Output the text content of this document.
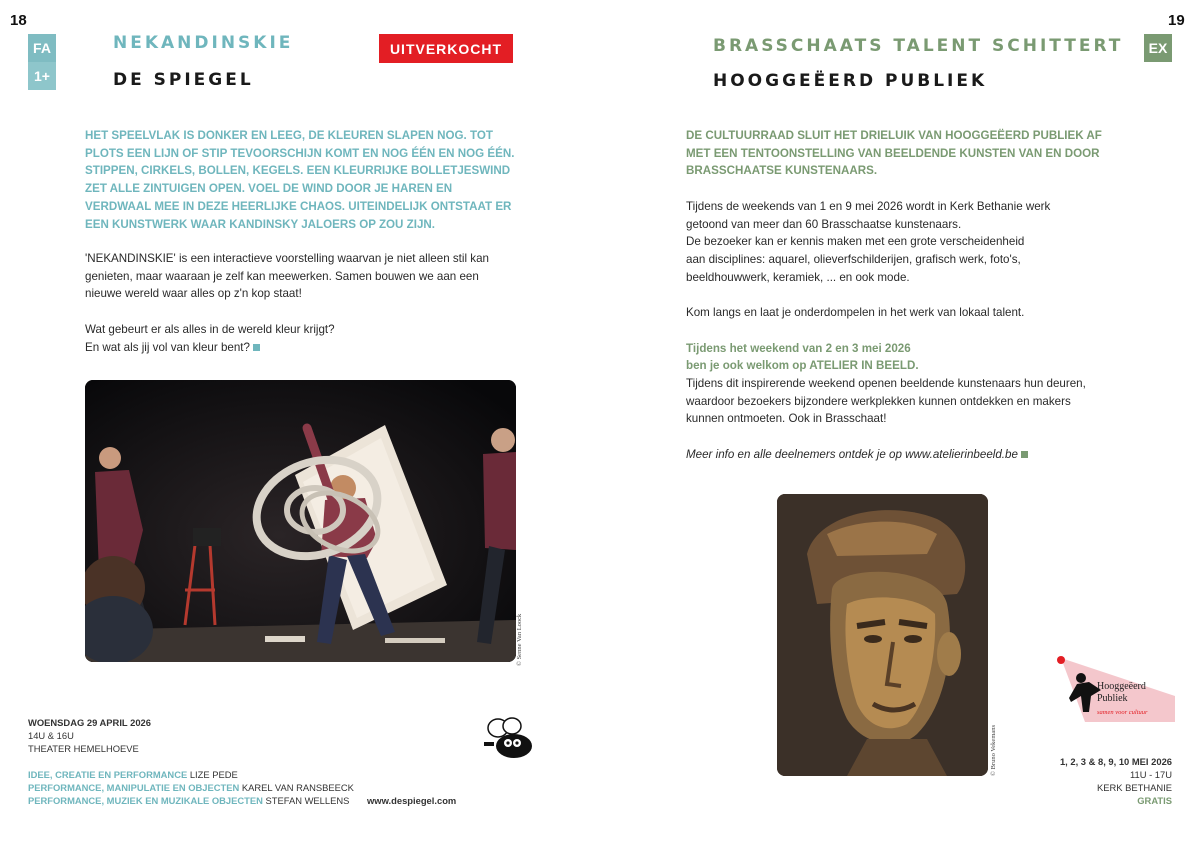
18
FA
1+
NEKANDINSKIE
DE SPIEGEL
UITVERKOCHT
HET SPEELVLAK IS DONKER EN LEEG, DE KLEUREN SLAPEN NOG. TOT PLOTS EEN LIJN OF STIP TEVOORSCHIJN KOMT EN NOG ÉÉN EN NOG ÉÉN. STIPPEN, CIRKELS, BOLLEN, KEGELS. EEN KLEURRIJKE BOLLETJESWIND ZET ALLE ZINTUIGEN OPEN. VOEL DE WIND DOOR JE HAREN EN VERDWAAL MEE IN DEZE HEERLIJKE CHAOS. UITEINDELIJK ONTSTAAT ER EEN KUNSTWERK WAAR KANDINSKY JALOERS OP ZOU ZIJN.

'NEKANDINSKIE' is een interactieve voorstelling waarvan je niet alleen stil kan genieten, maar waaraan je zelf kan meewerken. Samen bouwen we aan een nieuwe wereld waar alles op z'n kop staat!

Wat gebeurt er als alles in de wereld kleur krijgt?

En wat als jij vol van kleur bent?

© Senne Van Loock
WOENSDAG 29 APRIL 2026
14U & 16U
THEATER HEMELHOEVE
IDEE, CREATIE EN PERFORMANCE LIZE PEDE
PERFORMANCE, MANIPULATIE EN OBJECTEN KAREL VAN RANSBEECK
PERFORMANCE, MUZIEK EN MUZIKALE OBJECTEN STEFAN WELLENS	www.despiegel.com
19
BRASSCHAATS TALENT SCHITTERT	EX
HOOGGEËERD PUBLIEK
DE CULTUURRAAD SLUIT HET DRIELUIK VAN HOOGGEËERD PUBLIEK AF MET EEN TENTOONSTELLING VAN BEELDENDE KUNSTEN VAN EN DOOR BRASSCHAATSE KUNSTENAARS.

Tijdens de weekends van 1 en 9 mei 2026 wordt in Kerk Bethanie werk

getoond van meer dan 60 Brasschaatse kunstenaars.

De bezoeker kan er kennis maken met een grote verscheidenheid

aan disciplines: aquarel, olieverfschilderijen, grafisch werk, foto's,

beeldhouwwerk, keramiek, ... en ook mode.

Kom langs en laat je onderdompelen in het werk van lokaal talent.

Tijdens het weekend van 2 en 3 mei 2026

ben je ook welkom op ATELIER IN BEELD.

Tijdens dit inspirerende weekend openen beeldende kunstenaars hun deuren,

waardoor bezoekers bijzondere werkplekken kunnen ontdekken en makers

kunnen ontmoeten. Ook in Brasschaat!

Meer info en alle deelnemers ontdek je op www.atelierinbeeld.be

© Bruno Vekemans
Hooggeëerd
Publiek
samen voor cultuur
1, 2, 3 & 8, 9, 10 MEI 2026
11U - 17U
KERK BETHANIE
GRATIS
